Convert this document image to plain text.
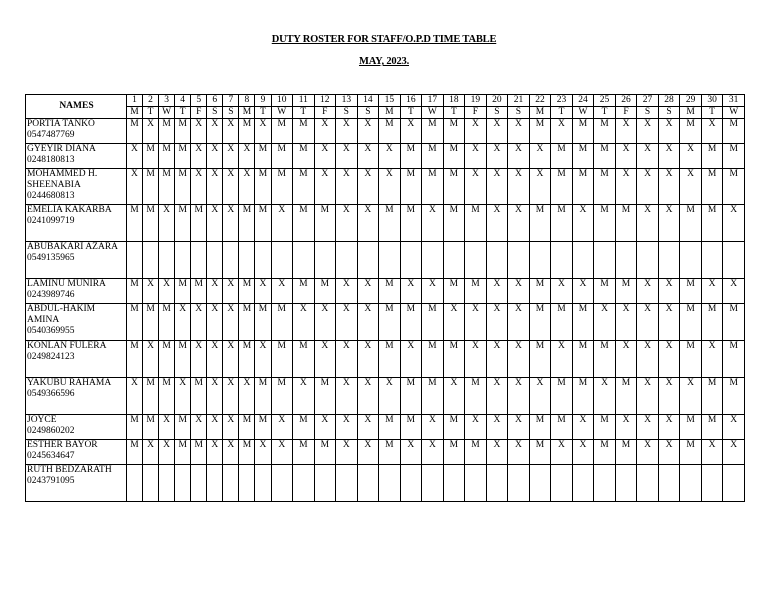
DUTY ROSTER FOR STAFF/O.P.D TIME TABLE
MAY, 2023.
NAMES	1	2	3	4	5	6	7	8	9	10	11	12	13	14	15	16	17	18	19	20	21	22	23	24	25	26	27	28	29	30	31
	M	T	W	T	F	S	S	M	T	W	T	F	S	S	M	T	W	T	F	S	S	M	T	W	T	F	S	S	M	T	W

PORTIA TANKO
0547487769	M	X	M	M	X	X	X	M	X	M	M	X	X	X	M	X	M	M	X	X	X	M	X	M	M	X	X	X	M	X	M

GYEYIR DIANA
0248180813	X	M	M	M	X	X	X	X	M	M	M	X	X	X	X	M	M	M	X	X	X	X	M	M	M	X	X	X	X	M	M

MOHAMMED H. SHEENABIA
0244680813	X	M	M	M	X	X	X	X	M	M	M	X	X	X	X	M	M	M	X	X	X	X	M	M	M	X	X	X	X	M	M

EMELIA KAKARBA
0241099719	M	M	X	M	M	X	X	M	M	X	M	M	X	X	M	M	X	M	M	X	X	M	M	X	M	M	X	X	M	M	X

ABUBAKARI AZARA
0549135965																															

LAMINU MUNIRA
0243989746	M	X	X	M	M	X	X	M	X	X	M	M	X	X	M	X	X	M	M	X	X	M	X	X	M	M	X	X	M	X	X

ABDUL-HAKIM AMINA
0540369955	M	M	M	X	X	X	X	M	M	M	X	X	X	X	M	M	M	X	X	X	X	M	M	M	X	X	X	X	M	M	M

KONLAN FULERA
0249824123	M	X	M	M	X	X	X	M	X	M	M	X	X	X	M	X	M	M	X	X	X	M	X	M	M	X	X	X	M	X	M

YAKUBU RAHAMA
0549366596	X	M	M	X	M	X	X	X	M	M	X	M	X	X	X	M	M	X	M	X	X	X	M	M	X	M	X	X	X	M	M

JOYCE
0249860202	M	M	X	M	X	X	X	M	M	X	M	X	X	X	M	M	X	M	X	X	X	M	M	X	M	X	X	X	M	M	X

ESTHER BAYOR
0245634647	M	X	X	M	M	X	X	M	X	X	M	M	X	X	M	X	X	M	M	X	X	M	X	X	M	M	X	X	M	X	X

RUTH BEDZARATH
0243791095																															
